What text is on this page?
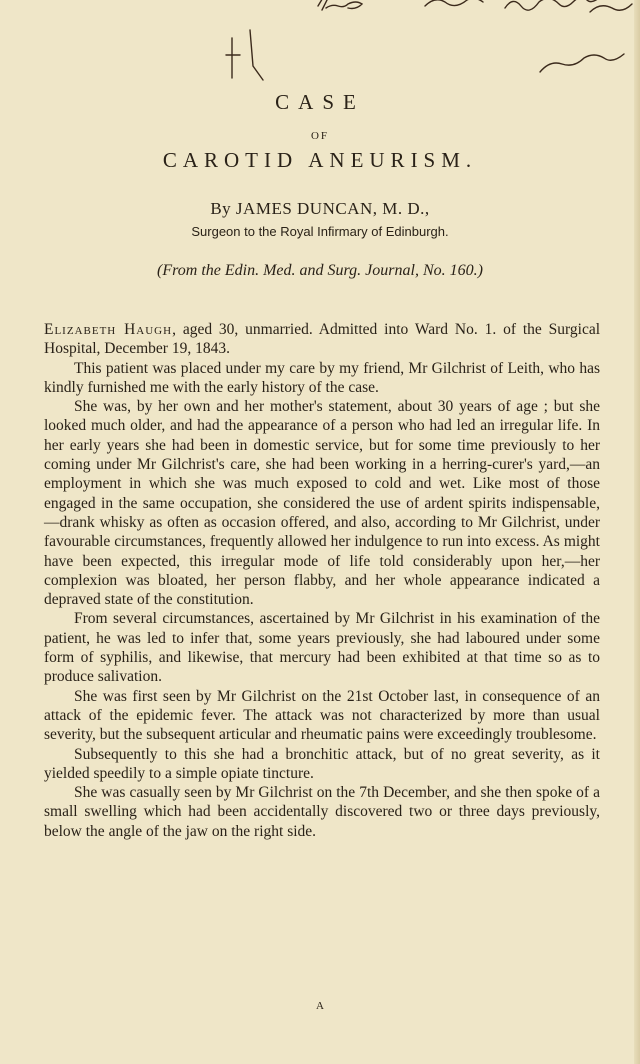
CASE
OF
CAROTID ANEURISM.
By JAMES DUNCAN, M. D.,
Surgeon to the Royal Infirmary of Edinburgh.
(From the Edin. Med. and Surg. Journal, No. 160.)

Elizabeth Haugh, aged 30, unmarried. Admitted into Ward No. 1. of the Surgical Hospital, December 19, 1843.

This patient was placed under my care by my friend, Mr Gilchrist of Leith, who has kindly furnished me with the early history of the case.

She was, by her own and her mother's statement, about 30 years of age ; but she looked much older, and had the appearance of a person who had led an irregular life. In her early years she had been in domestic service, but for some time previously to her coming under Mr Gilchrist's care, she had been working in a herring-curer's yard,—an employment in which she was much exposed to cold and wet. Like most of those engaged in the same occupation, she considered the use of ardent spirits indispensable, —drank whisky as often as occasion offered, and also, according to Mr Gilchrist, under favourable circumstances, frequently allowed her indulgence to run into excess. As might have been expected, this irregular mode of life told considerably upon her,—her complexion was bloated, her person flabby, and her whole appearance indicated a depraved state of the constitution.

From several circumstances, ascertained by Mr Gilchrist in his examination of the patient, he was led to infer that, some years previously, she had laboured under some form of syphilis, and likewise, that mercury had been exhibited at that time so as to produce salivation.

She was first seen by Mr Gilchrist on the 21st October last, in consequence of an attack of the epidemic fever. The attack was not characterized by more than usual severity, but the subsequent articular and rheumatic pains were exceedingly troublesome.

Subsequently to this she had a bronchitic attack, but of no great severity, as it yielded speedily to a simple opiate tincture.

She was casually seen by Mr Gilchrist on the 7th December, and she then spoke of a small swelling which had been accidentally discovered two or three days previously, below the angle of the jaw on the right side.

A
